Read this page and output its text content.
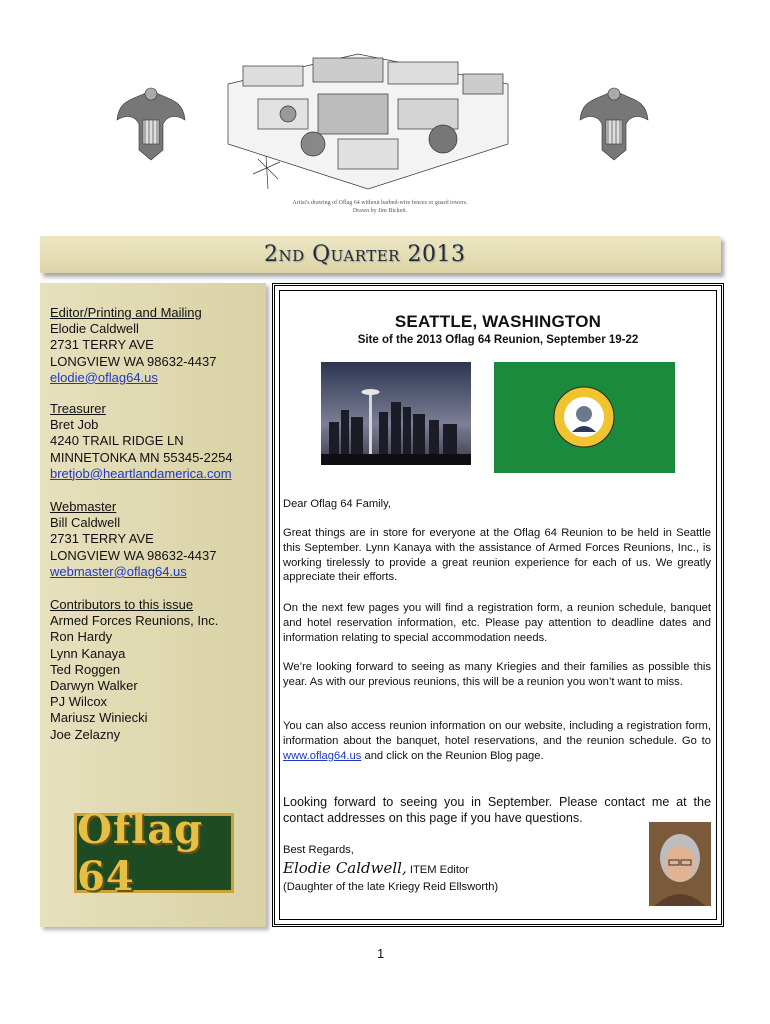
Artist's drawing of Oflag 64 without barbed-wire fences or guard towers.
Drawn by Jim Bickett.
2nd Quarter 2013
Editor/Printing and Mailing
Elodie Caldwell
2731 TERRY AVE
LONGVIEW WA 98632-4437
elodie@oflag64.us
Treasurer
Bret Job
4240 TRAIL RIDGE LN
MINNETONKA MN 55345-2254
bretjob@heartlandamerica.com
Webmaster
Bill Caldwell
2731 TERRY AVE
LONGVIEW WA 98632-4437
webmaster@oflag64.us
Contributors to this issue
Armed Forces Reunions, Inc.
Ron Hardy
Lynn Kanaya
Ted Roggen
Darwyn Walker
PJ Wilcox
Mariusz Winiecki
Joe Zelazny
Oflag 64
SEATTLE, WASHINGTON
Site of the 2013 Oflag 64 Reunion, September 19-22
Dear Oflag 64 Family,
Great things are in store for everyone at the Oflag 64 Reunion to be held in Seattle this September. Lynn Kanaya with the assistance of Armed Forces Reunions, Inc., is working tirelessly to provide a great reunion experience for each of us. We greatly appreciate their efforts.
On the next few pages you will find a registration form, a reunion schedule, banquet and hotel reservation information, etc. Please pay attention to deadline dates and information relating to special accommodation needs.
We’re looking forward to seeing as many Kriegies and their families as possible this year. As with our previous reunions, this will be a reunion you won’t want to miss.
You can also access reunion information on our website, including a registration form, information about the banquet, hotel reservations, and the reunion schedule. Go to www.oflag64.us and click on the Reunion Blog page.
Looking forward to seeing you in September. Please contact me at the contact addresses on this page if you have questions.
Best Regards,
Elodie Caldwell, ITEM Editor
(Daughter of the late Kriegy Reid Ellsworth)
1
